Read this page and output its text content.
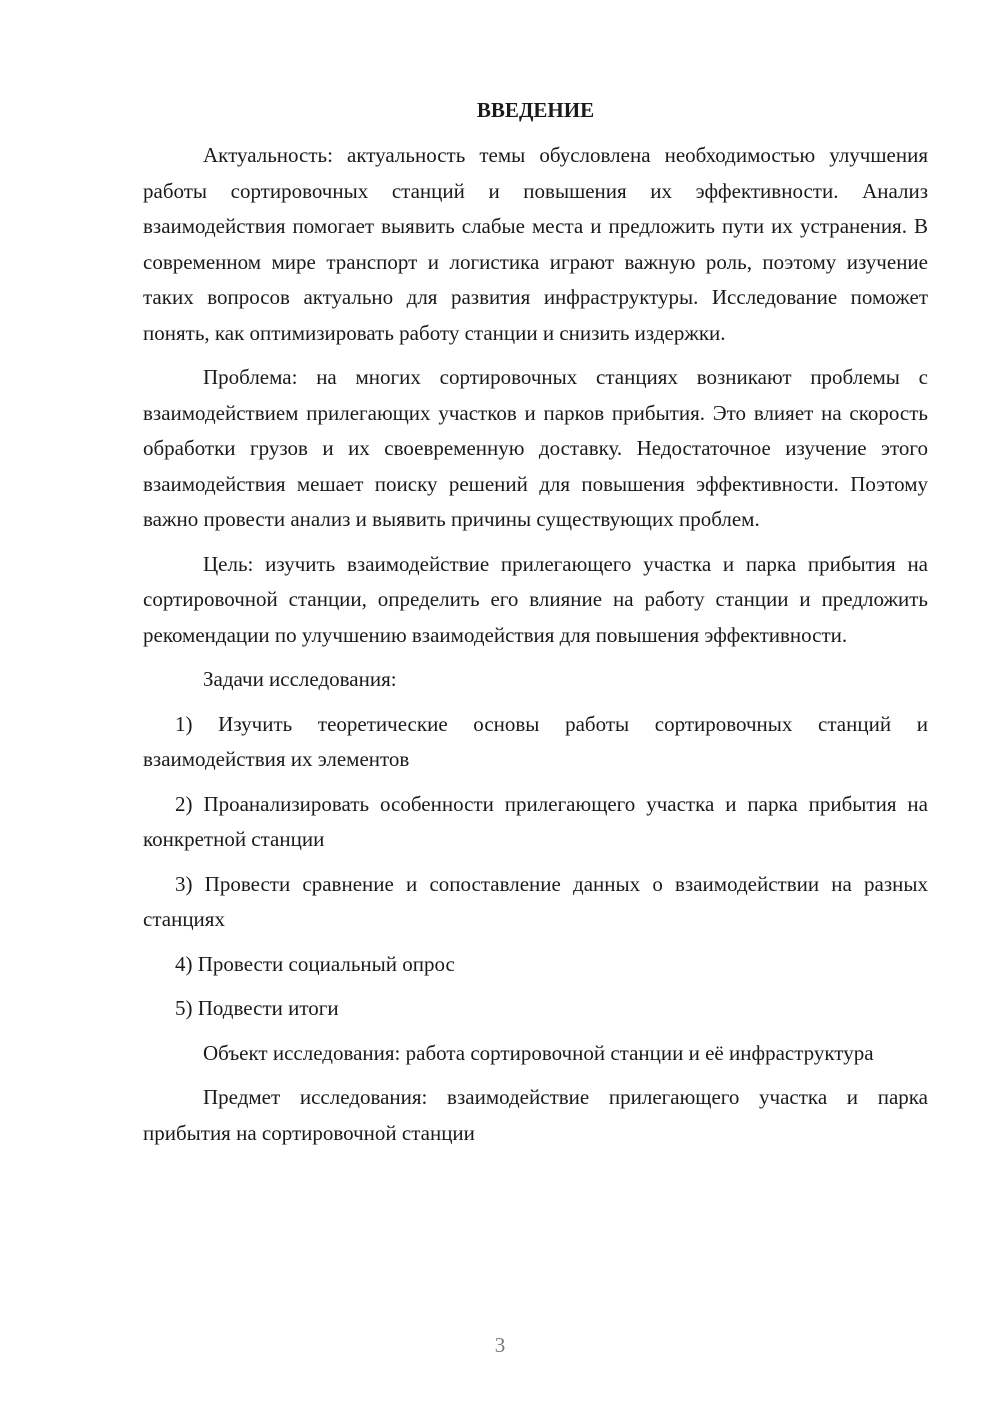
ВВЕДЕНИЕ

Актуальность: актуальность темы обусловлена необходимостью улучшения работы сортировочных станций и повышения их эффективности. Анализ взаимодействия помогает выявить слабые места и предложить пути их устранения. В современном мире транспорт и логистика играют важную роль, поэтому изучение таких вопросов актуально для развития инфраструктуры. Исследование поможет понять, как оптимизировать работу станции и снизить издержки.

Проблема: на многих сортировочных станциях возникают проблемы с взаимодействием прилегающих участков и парков прибытия. Это влияет на скорость обработки грузов и их своевременную доставку. Недостаточное изучение этого взаимодействия мешает поиску решений для повышения эффективности. Поэтому важно провести анализ и выявить причины существующих проблем.

Цель: изучить взаимодействие прилегающего участка и парка прибытия на сортировочной станции, определить его влияние на работу станции и предложить рекомендации по улучшению взаимодействия для повышения эффективности.

Задачи исследования:

1) Изучить теоретические основы работы сортировочных станций и взаимодействия их элементов

2) Проанализировать особенности прилегающего участка и парка прибытия на конкретной станции

3) Провести сравнение и сопоставление данных о взаимодействии на разных станциях

4) Провести социальный опрос

5) Подвести итоги

Объект исследования: работа сортировочной станции и её инфраструктура

Предмет исследования: взаимодействие прилегающего участка и парка прибытия на сортировочной станции

3
